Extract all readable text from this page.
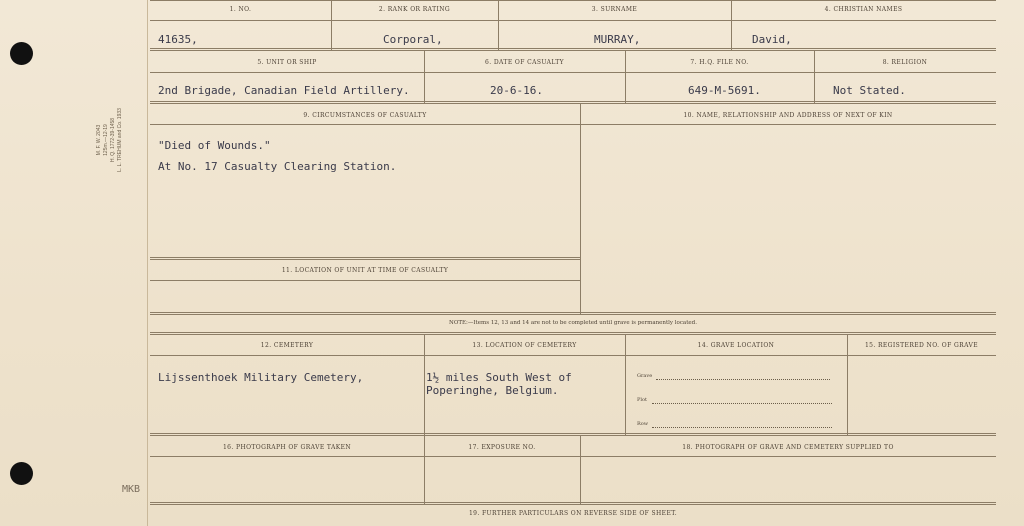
M. F. W. 2043 125m.—12-19 H. Q. 1772-39-1458 L. L. TREHUM and Co. 1933
MKB
1. NO.	2. RANK OR RATING	3. SURNAME	4. CHRISTIAN NAMES
41635,	Corporal,	MURRAY,	David,
5. UNIT OR SHIP	6. DATE OF CASUALTY	7. H.Q. FILE NO.	8. RELIGION
2nd Brigade, Canadian Field Artillery.	20-6-16.	649-M-5691.	Not Stated.
9. CIRCUMSTANCES OF CASUALTY	10. NAME, RELATIONSHIP AND ADDRESS OF NEXT OF KIN
"Died of Wounds."
At No. 17 Casualty Clearing Station.
11. LOCATION OF UNIT AT TIME OF CASUALTY
NOTE:—Items 12, 13 and 14 are not to be completed until grave is permanently located.
12. CEMETERY	13. LOCATION OF CEMETERY	14. GRAVE LOCATION	15. REGISTERED NO. OF GRAVE
Lijssenthoek Military Cemetery,	1½ miles South West of
Poperinghe, Belgium.
Grave
Plot
Row
16. PHOTOGRAPH OF GRAVE TAKEN	17. EXPOSURE NO.	18. PHOTOGRAPH OF GRAVE AND CEMETERY SUPPLIED TO
19. FURTHER PARTICULARS ON REVERSE SIDE OF SHEET.
